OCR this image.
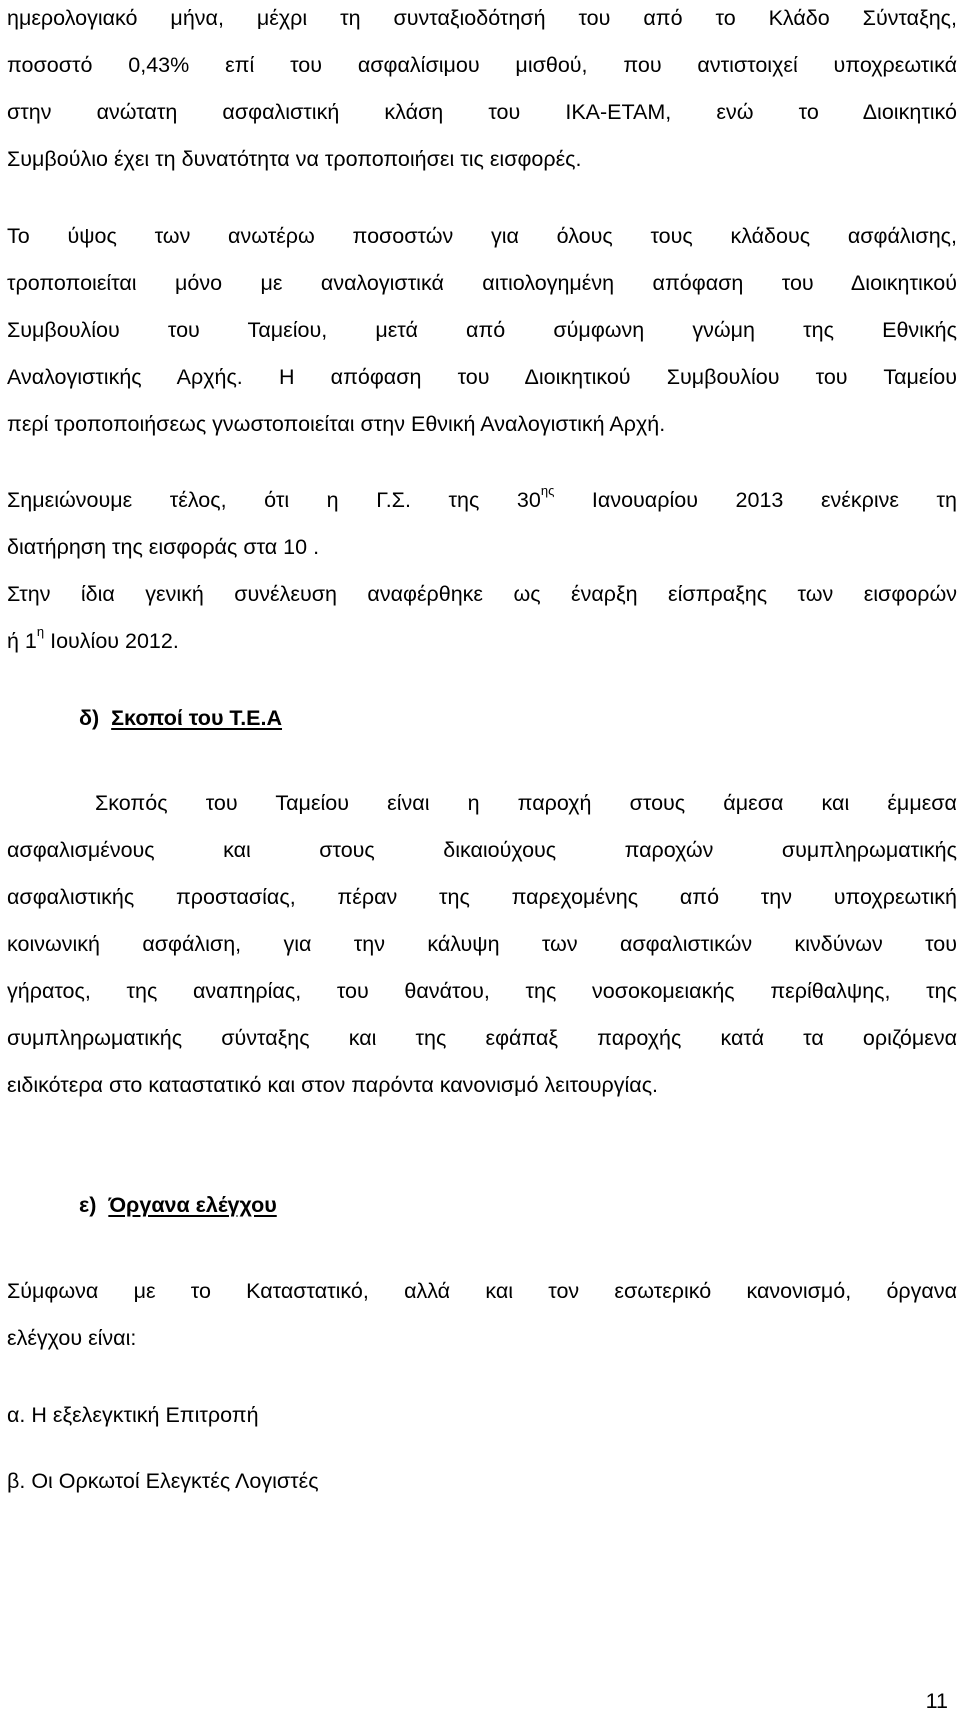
ημερολογιακό μήνα, μέχρι τη συνταξιοδότησή του από το Κλάδο Σύνταξης,
ποσοστό 0,43% επί του ασφαλίσιμου μισθού, που αντιστοιχεί υποχρεωτικά
στην ανώτατη ασφαλιστική κλάση του ΙΚΑ-ΕΤΑΜ, ενώ το Διοικητικό
Συμβούλιο έχει τη δυνατότητα να τροποποιήσει τις εισφορές.
Το ύψος των ανωτέρω ποσοστών για όλους τους κλάδους ασφάλισης,
τροποποιείται μόνο με αναλογιστικά αιτιολογημένη απόφαση του Διοικητικού
Συμβουλίου του Ταμείου, μετά από σύμφωνη γνώμη της Εθνικής
Αναλογιστικής Αρχής. Η απόφαση του Διοικητικού Συμβουλίου του Ταμείου
περί τροποποιήσεως γνωστοποιείται στην Εθνική Αναλογιστική Αρχή.
Σημειώνουμε τέλος, ότι η Γ.Σ. της $30^{\eta\varsigma}$ Ιανουαρίου 2013 ενέκρινε τη
διατήρηση της εισφοράς στα 10 .
Στην ίδια γενική συνέλευση αναφέρθηκε ως έναρξη είσπραξης των εισφορών
ή $1^\eta$ Ιουλίου 2012.
δ) Σκοποί του Τ.Ε.Α
Σκοπός του Ταμείου είναι η παροχή στους άμεσα και έμμεσα
ασφαλισμένους και στους δικαιούχους παροχών συμπληρωματικής
ασφαλιστικής προστασίας, πέραν της παρεχομένης από την υποχρεωτική
κοινωνική ασφάλιση, για την κάλυψη των ασφαλιστικών κινδύνων του
γήρατος, της αναπηρίας, του θανάτου, της νοσοκομειακής περίθαλψης, της
συμπληρωματικής σύνταξης και της εφάπαξ παροχής κατά τα οριζόμενα
ειδικότερα στο καταστατικό και στον παρόντα κανονισμό λειτουργίας.
ε) Όργανα ελέγχου
Σύμφωνα με το Καταστατικό, αλλά και τον εσωτερικό κανονισμό, όργανα
ελέγχου είναι:
α. Η εξελεγκτική Επιτροπή
β. Οι Ορκωτοί Ελεγκτές Λογιστές
11
